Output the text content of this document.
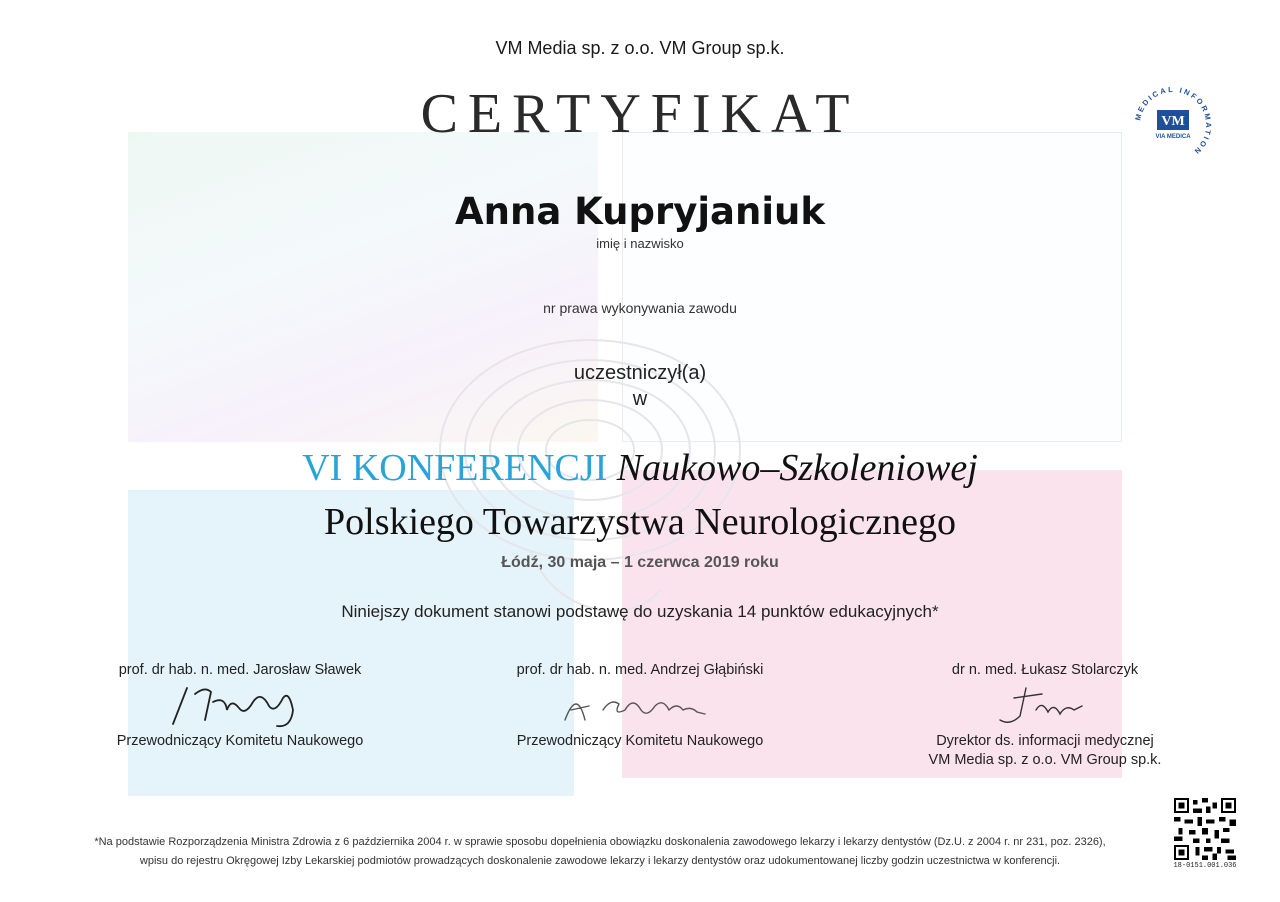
VM Media sp. z o.o. VM Group sp.k.
CERTYFIKAT	MEDICAL INFORMATION
VM
VIA MEDICA
Anna Kupryjaniuk
imię i nazwisko
nr prawa wykonywania zawodu
uczestniczył(a)
w
VI KONFERENCJI Naukowo–Szkoleniowej
Polskiego Towarzystwa Neurologicznego
Łódź, 30 maja – 1 czerwca 2019 roku
Niniejszy dokument stanowi podstawę do uzyskania 14 punktów edukacyjnych*
prof. dr hab. n. med. Jarosław Sławek
Przewodniczący Komitetu Naukowego
prof. dr hab. n. med. Andrzej Głąbiński
Przewodniczący Komitetu Naukowego
dr n. med. Łukasz Stolarczyk
Dyrektor ds. informacji medycznej
VM Media sp. z o.o. VM Group sp.k.
*Na podstawie Rozporządzenia Ministra Zdrowia z 6 października 2004 r. w sprawie sposobu dopełnienia obowiązku doskonalenia zawodowego lekarzy i lekarzy dentystów (Dz.U. z 2004 r. nr 231, poz. 2326),
wpisu do rejestru Okręgowej Izby Lekarskiej podmiotów prowadzących doskonalenie zawodowe lekarzy i lekarzy dentystów oraz udokumentowanej liczby godzin uczestnictwa w konferencji.	18-0151.001.036
